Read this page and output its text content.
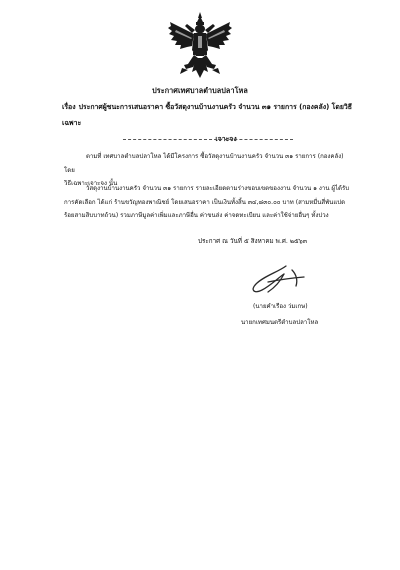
ประกาศเทศบาลตำบลปลาโหล
เรื่อง ประกาศผู้ชนะการเสนอราคา ซื้อวัสดุงานบ้านงานครัว จำนวน ๓๑ รายการ (กองคลัง) โดยวิธีเฉพาะ
เจาะจง
ตามที่ เทศบาลตำบลปลาโหล ได้มีโครงการ ซื้อวัสดุงานบ้านงานครัว จำนวน ๓๑ รายการ (กองคลัง) โดย
วิธีเฉพาะเจาะจง นั้น
วัสดุงานบ้านงานครัว จำนวน ๓๑ รายการ รายละเอียดตามร่างขอบเขตของงาน จำนวน ๑ งาน ผู้ได้รับ
การคัดเลือก ได้แก่ ร้านขวัญทองพาณิชย์ โดยเสนอราคา เป็นเงินทั้งสิ้น ๓๔,๘๓๐.๐๐ บาท (สามหมื่นสี่พันแปด
ร้อยสามสิบบาทถ้วน) รวมภาษีมูลค่าเพิ่มและภาษีอื่น ค่าขนส่ง ค่าจดทะเบียน และค่าใช้จ่ายอื่นๆ ทั้งปวง
ประกาศ ณ วันที่ ๕ สิงหาคม พ.ศ. ๒๕๖๓
(นายคำเรือง ว่มเกษ)
นายกเทศมนตรีตำบลปลาโหล
